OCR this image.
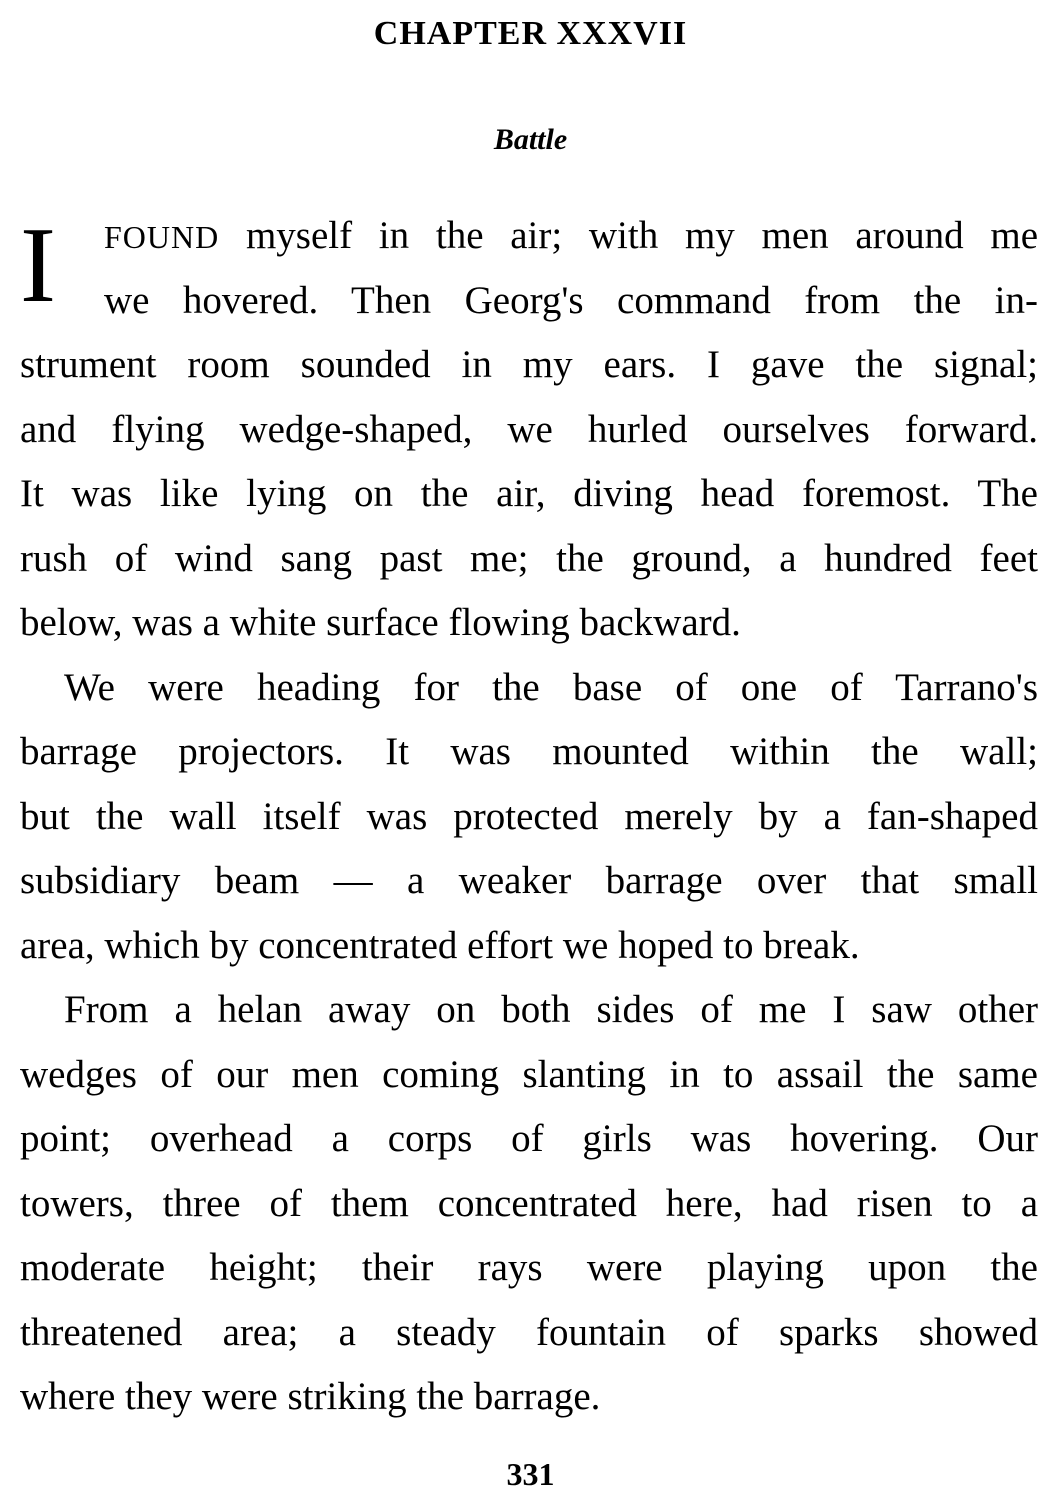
CHAPTER XXXVII
Battle
I	FOUND myself in the air; with my men around me
we hovered. Then Georg's command from the in-
strument room sounded in my ears. I gave the signal;
and flying wedge-shaped, we hurled ourselves forward.
It was like lying on the air, diving head foremost. The
rush of wind sang past me; the ground, a hundred feet
below, was a white surface flowing backward.
We were heading for the base of one of Tarrano's
barrage projectors. It was mounted within the wall;
but the wall itself was protected merely by a fan-shaped
subsidiary beam — a weaker barrage over that small
area, which by concentrated effort we hoped to break.
From a helan away on both sides of me I saw other
wedges of our men coming slanting in to assail the same
point; overhead a corps of girls was hovering. Our
towers, three of them concentrated here, had risen to a
moderate height; their rays were playing upon the
threatened area; a steady fountain of sparks showed
where they were striking the barrage.
331
